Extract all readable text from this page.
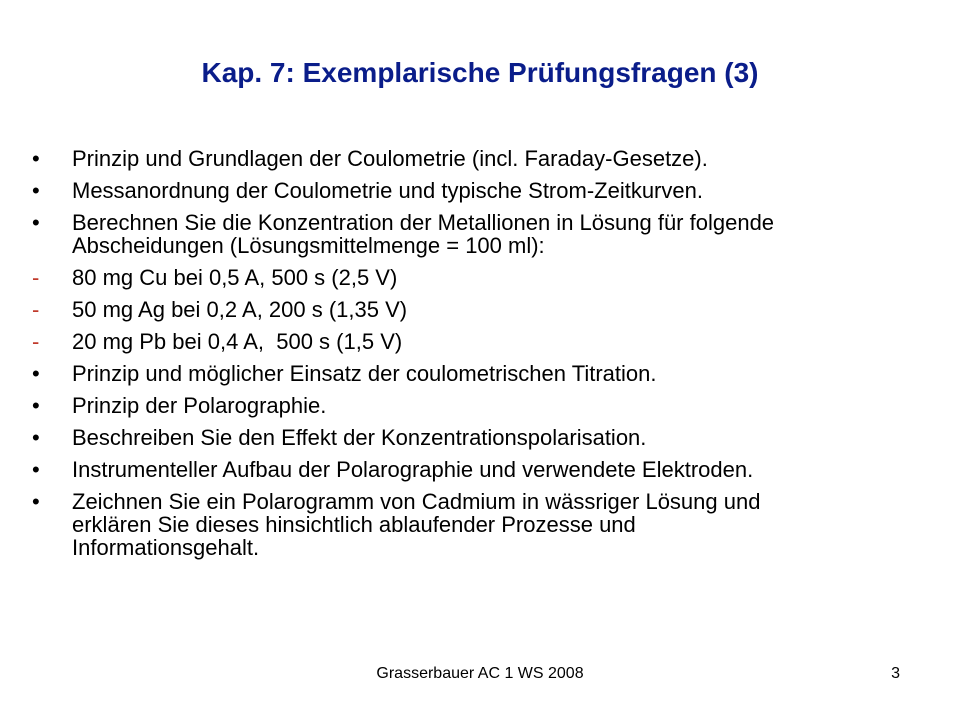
Kap. 7: Exemplarische Prüfungsfragen (3)
•	Prinzip und Grundlagen der Coulometrie (incl. Faraday-Gesetze).
•	Messanordnung der Coulometrie und typische Strom-Zeitkurven.
•	Berechnen Sie die Konzentration der Metallionen in Lösung für folgende
Abscheidungen (Lösungsmittelmenge = 100 ml):
-	80 mg Cu bei 0,5 A, 500 s (2,5 V)
-	50 mg Ag bei 0,2 A, 200 s (1,35 V)
-	20 mg Pb bei 0,4 A,  500 s (1,5 V)
•	Prinzip und möglicher Einsatz der coulometrischen Titration.
•	Prinzip der Polarographie.
•	Beschreiben Sie den Effekt der Konzentrationspolarisation.
•	Instrumenteller Aufbau der Polarographie und verwendete Elektroden.
•	Zeichnen Sie ein Polarogramm von Cadmium in wässriger Lösung und
erklären Sie dieses hinsichtlich ablaufender Prozesse und
Informationsgehalt.
Grasserbauer AC 1 WS 2008	3
